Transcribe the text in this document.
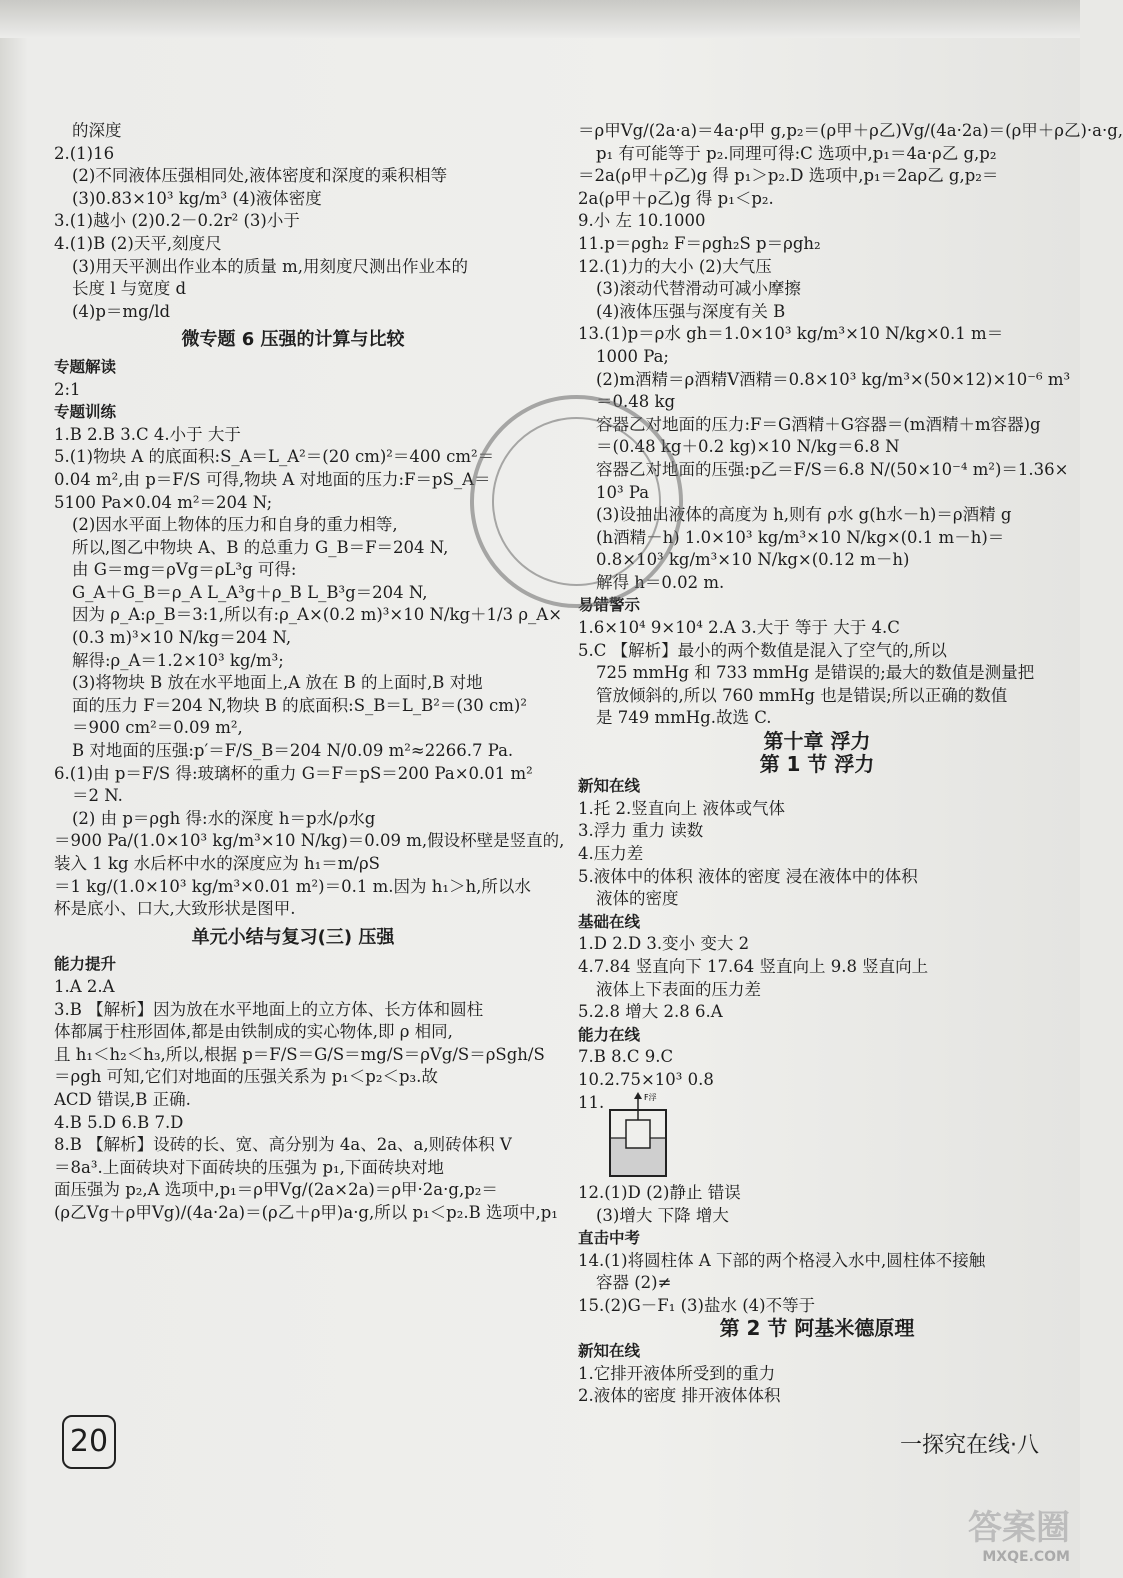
的深度
2.(1)16
(2)不同液体压强相同处,液体密度和深度的乘积相等
(3)0.83×10³ kg/m³ (4)液体密度
3.(1)越小 (2)0.2－0.2r² (3)小于
4.(1)B (2)天平,刻度尺
(3)用天平测出作业本的质量 m,用刻度尺测出作业本的
长度 l 与宽度 d
(4)p＝mg/ld
微专题 6 压强的计算与比较
专题解读
2:1
专题训练
1.B 2.B 3.C 4.小于 大于
5.(1)物块 A 的底面积:S_A＝L_A²＝(20 cm)²＝400 cm²＝
0.04 m²,由 p＝F/S 可得,物块 A 对地面的压力:F＝pS_A＝
5100 Pa×0.04 m²＝204 N;
(2)因水平面上物体的压力和自身的重力相等,
所以,图乙中物块 A、B 的总重力 G_B＝F＝204 N,
由 G＝mg＝ρVg＝ρL³g 可得:
G_A＋G_B＝ρ_A L_A³g＋ρ_B L_B³g＝204 N,
因为 ρ_A:ρ_B＝3:1,所以有:ρ_A×(0.2 m)³×10 N/kg＋1/3 ρ_A×
(0.3 m)³×10 N/kg＝204 N,
解得:ρ_A＝1.2×10³ kg/m³;
(3)将物块 B 放在水平地面上,A 放在 B 的上面时,B 对地
面的压力 F＝204 N,物块 B 的底面积:S_B＝L_B²＝(30 cm)²
＝900 cm²＝0.09 m²,
B 对地面的压强:p′＝F/S_B＝204 N/0.09 m²≈2266.7 Pa.
6.(1)由 p＝F/S 得:玻璃杯的重力 G＝F＝pS＝200 Pa×0.01 m²
＝2 N.
(2) 由 p＝ρgh 得:水的深度 h＝p水/ρ水g
＝900 Pa/(1.0×10³ kg/m³×10 N/kg)＝0.09 m,假设杯壁是竖直的,
装入 1 kg 水后杯中水的深度应为 h₁＝m/ρS
＝1 kg/(1.0×10³ kg/m³×0.01 m²)＝0.1 m.因为 h₁＞h,所以水
杯是底小、口大,大致形状是图甲.
单元小结与复习(三) 压强
能力提升
1.A 2.A
3.B 【解析】因为放在水平地面上的立方体、长方体和圆柱
体都属于柱形固体,都是由铁制成的实心物体,即 ρ 相同,
且 h₁＜h₂＜h₃,所以,根据 p＝F/S＝G/S＝mg/S＝ρVg/S＝ρSgh/S
＝ρgh 可知,它们对地面的压强关系为 p₁＜p₂＜p₃.故
ACD 错误,B 正确.
4.B 5.D 6.B 7.D
8.B 【解析】设砖的长、宽、高分别为 4a、2a、a,则砖体积 V
＝8a³.上面砖块对下面砖块的压强为 p₁,下面砖块对地
面压强为 p₂,A 选项中,p₁＝ρ甲Vg/(2a×2a)＝ρ甲·2a·g,p₂＝
(ρ乙Vg＋ρ甲Vg)/(4a·2a)＝(ρ乙＋ρ甲)a·g,所以 p₁＜p₂.B 选项中,p₁
＝ρ甲Vg/(2a·a)＝4a·ρ甲 g,p₂＝(ρ甲＋ρ乙)Vg/(4a·2a)＝(ρ甲＋ρ乙)·a·g,
p₁ 有可能等于 p₂.同理可得:C 选项中,p₁＝4a·ρ乙 g,p₂
＝2a(ρ甲＋ρ乙)g 得 p₁＞p₂.D 选项中,p₁＝2aρ乙 g,p₂＝
2a(ρ甲＋ρ乙)g 得 p₁＜p₂.
9.小 左 10.1000
11.p＝ρgh₂ F＝ρgh₂S p＝ρgh₂
12.(1)力的大小 (2)大气压
(3)滚动代替滑动可减小摩擦
(4)液体压强与深度有关 B
13.(1)p＝ρ水 gh＝1.0×10³ kg/m³×10 N/kg×0.1 m＝
1000 Pa;
(2)m酒精＝ρ酒精V酒精＝0.8×10³ kg/m³×(50×12)×10⁻⁶ m³
＝0.48 kg
容器乙对地面的压力:F＝G酒精＋G容器＝(m酒精＋m容器)g
＝(0.48 kg＋0.2 kg)×10 N/kg＝6.8 N
容器乙对地面的压强:p乙＝F/S＝6.8 N/(50×10⁻⁴ m²)＝1.36×
10³ Pa
(3)设抽出液体的高度为 h,则有 ρ水 g(h水－h)＝ρ酒精 g
(h酒精－h) 1.0×10³ kg/m³×10 N/kg×(0.1 m－h)＝
0.8×10³ kg/m³×10 N/kg×(0.12 m－h)
解得 h＝0.02 m.
易错警示
1.6×10⁴ 9×10⁴ 2.A 3.大于 等于 大于 4.C
5.C 【解析】最小的两个数值是混入了空气的,所以
725 mmHg 和 733 mmHg 是错误的;最大的数值是测量把
管放倾斜的,所以 760 mmHg 也是错误;所以正确的数值
是 749 mmHg.故选 C.
第十章 浮力
第 1 节 浮力
新知在线
1.托 2.竖直向上 液体或气体
3.浮力 重力 读数
4.压力差
5.液体中的体积 液体的密度 浸在液体中的体积
液体的密度
基础在线
1.D 2.D 3.变小 变大 2
4.7.84 竖直向下 17.64 竖直向上 9.8 竖直向上
液体上下表面的压力差
5.2.8 增大 2.8 6.A
能力在线
7.B 8.C 9.C
10.2.75×10³ 0.8
11.

12.(1)D (2)静止 错误
(3)增大 下降 增大
直击中考
14.(1)将圆柱体 A 下部的两个格浸入水中,圆柱体不接触
容器 (2)≠
15.(2)G－F₁ (3)盐水 (4)不等于
第 2 节 阿基米德原理
新知在线
1.它排开液体所受到的重力
2.液体的密度 排开液体体积
F浮
20	一探究在线·八
答案圈
MXQE.COM
